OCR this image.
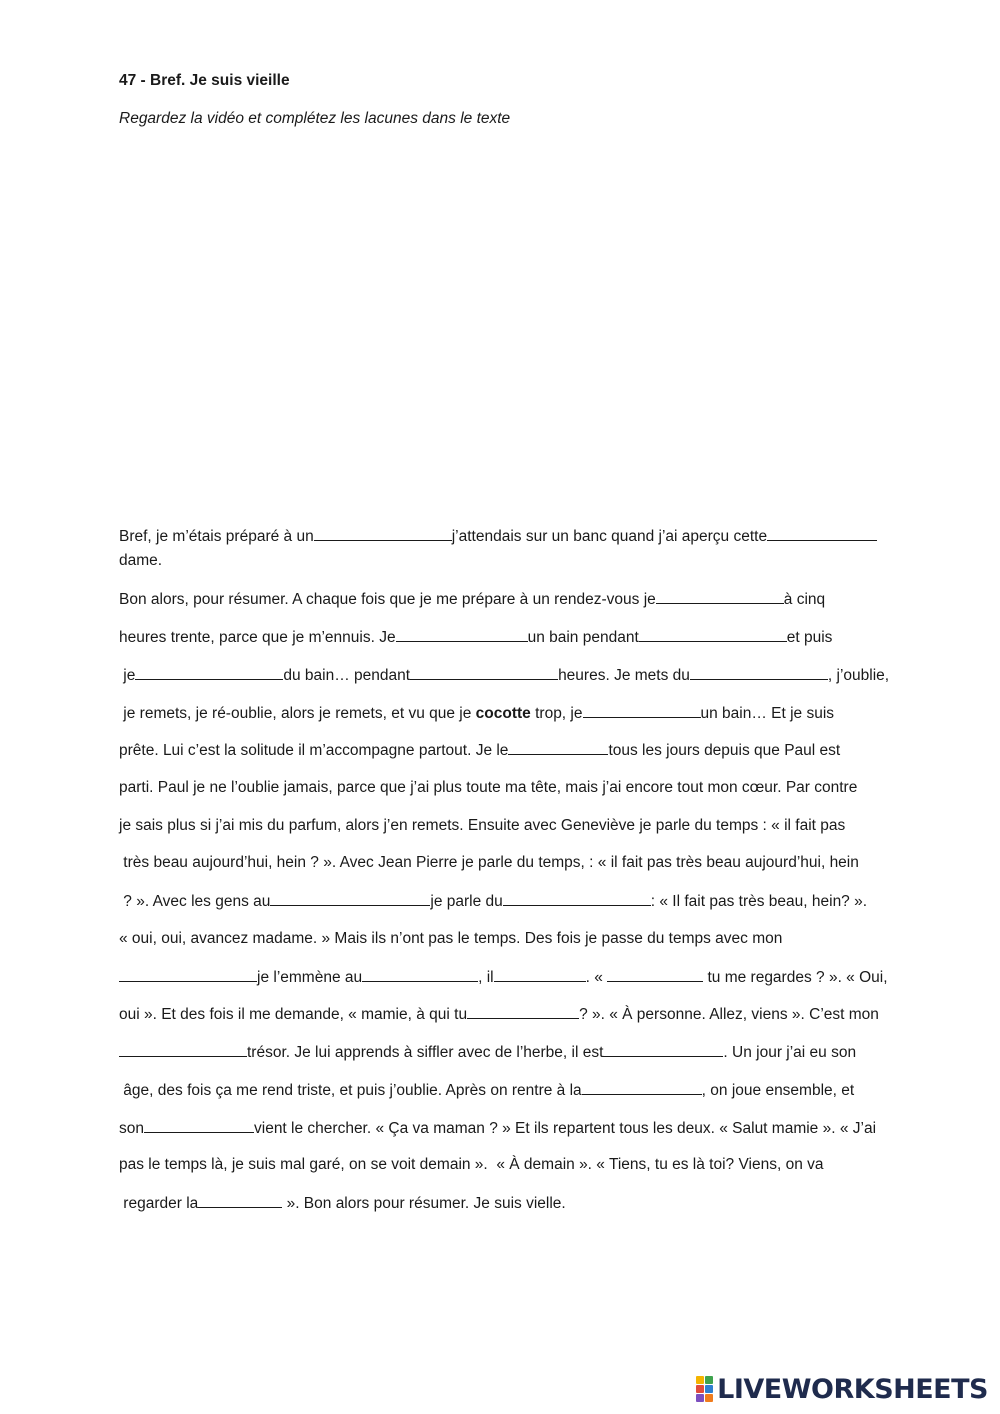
47 - Bref. Je suis vieille
Regardez la vidéo et complétez les lacunes dans le texte
Bref, je m’étais préparé à un	j’attendais sur un banc quand j’ai aperçu cette
dame.
Bon alors, pour résumer. A chaque fois que je me prépare à un rendez-vous je	à cinq
heures trente, parce que je m’ennuis. Je	un bain pendant	et puis
je	du bain… pendant	heures. Je mets du	, j’oublie,
je remets, je ré-oublie, alors je remets, et vu que je cocotte trop, je	un bain… Et je suis
prête. Lui c’est la solitude il m’accompagne partout. Je le	tous les jours depuis que Paul est
parti. Paul je ne l’oublie jamais, parce que j’ai plus toute ma tête, mais j’ai encore tout mon cœur. Par contre
je sais plus si j’ai mis du parfum, alors j’en remets. Ensuite avec Geneviève je parle du temps : « il fait pas
très beau aujourd’hui, hein ? ». Avec Jean Pierre je parle du temps, : « il fait pas très beau aujourd’hui, hein
? ». Avec les gens au	je parle du	: « Il fait pas très beau, hein? ».
« oui, oui, avancez madame. » Mais ils n’ont pas le temps. Des fois je passe du temps avec mon
je l’emmène au	, il	. «	tu me regardes ? ». « Oui,
oui ». Et des fois il me demande, « mamie, à qui tu	? ». « À personne. Allez, viens ». C’est mon
trésor. Je lui apprends à siffler avec de l’herbe, il est	. Un jour j’ai eu son
âge, des fois ça me rend triste, et puis j’oublie. Après on rentre à la	, on joue ensemble, et
son	vient le chercher. « Ça va maman ? » Et ils repartent tous les deux. « Salut mamie ». « J’ai
pas le temps là, je suis mal garé, on se voit demain ».  « À demain ». « Tiens, tu es là toi? Viens, on va
regarder la	». Bon alors pour résumer. Je suis vielle.
LIVEWORKSHEETS
